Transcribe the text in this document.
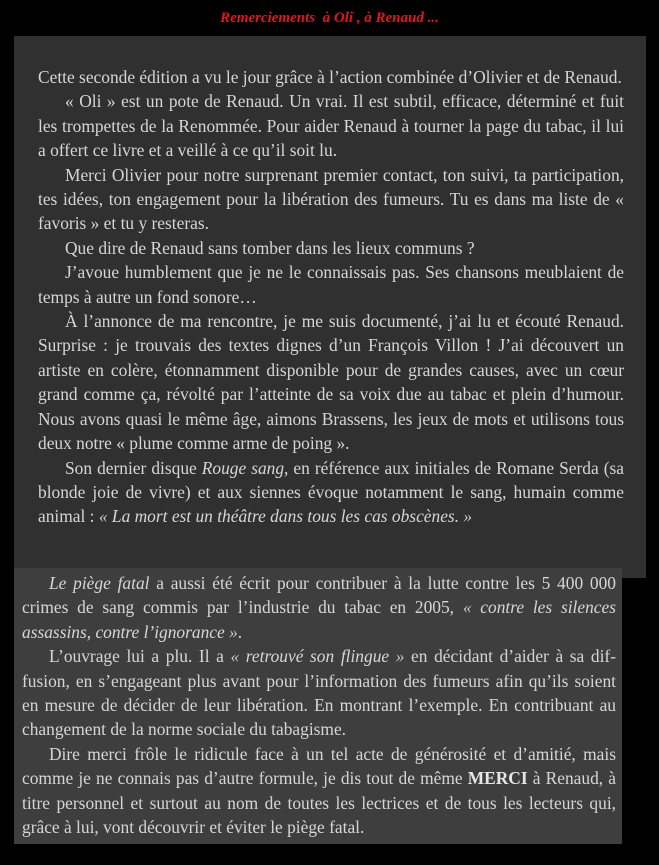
Remerciements  à Oli , à Renaud ...

Cette seconde édition a vu le jour grâce à l’action combinée d’Olivier et de Renaud.

« Oli » est un pote de Renaud. Un vrai. Il est subtil, efficace, déterminé et fuit les trompettes de la Renommée. Pour aider Renaud à tourner la page du tabac, il lui a offert ce livre et a veillé à ce qu’il soit lu.

Merci Olivier pour notre surprenant premier contact, ton suivi, ta participation, tes idées, ton engagement pour la libération des fumeurs. Tu es dans ma liste de « favoris » et tu y resteras.

Que dire de Renaud sans tomber dans les lieux communs ?

J’avoue humblement que je ne le connaissais pas. Ses chansons meublaient de temps à autre un fond sonore…

À l’annonce de ma rencontre, je me suis documenté, j’ai lu et écouté Renaud. Surprise : je trouvais des textes dignes d’un François Villon ! J’ai découvert un artiste en colère, étonnamment disponible pour de grandes causes, avec un cœur grand comme ça, révolté par l’atteinte de sa voix due au tabac et plein d’humour. Nous avons quasi le même âge, aimons Brassens, les jeux de mots et utilisons tous deux notre « plume comme arme de poing ».

Son dernier disque Rouge sang, en référence aux initiales de Romane Serda (sa blonde joie de vivre) et aux siennes évoque notamment le sang, humain comme animal : « La mort est un théâtre dans tous les cas obscènes. »

Le piège fatal a aussi été écrit pour contribuer à la lutte contre les 5 400 000 crimes de sang commis par l’industrie du tabac en 2005, « contre les silences assassins, contre l’ignorance ».

L’ouvrage lui a plu. Il a « retrouvé son flingue » en décidant d’aider à sa diffusion, en s’engageant plus avant pour l’information des fumeurs afin qu’ils soient en mesure de décider de leur libération. En montrant l’exemple. En contribuant au changement de la norme sociale du tabagisme.

Dire merci frôle le ridicule face à un tel acte de générosité et d’amitié, mais comme je ne connais pas d’autre formule, je dis tout de même MERCI à Renaud, à titre personnel et surtout au nom de toutes les lectrices et de tous les lecteurs qui, grâce à lui, vont découvrir et éviter le piège fatal.
